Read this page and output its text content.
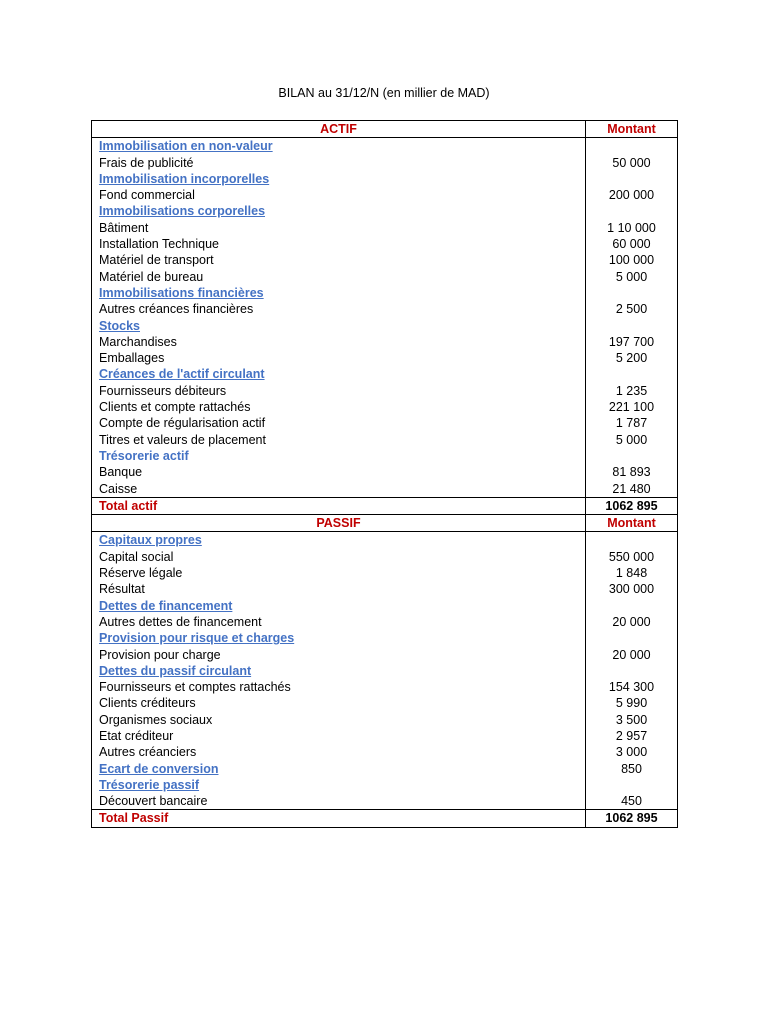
BILAN au 31/12/N (en millier de MAD)
ACTIF	Montant
Immobilisation en non-valeur	
Frais de publicité	50 000
Immobilisation incorporelles	
Fond commercial	200 000
Immobilisations corporelles	
Bâtiment	1 10 000
Installation Technique	60 000
Matériel de transport	100 000
Matériel de bureau	5 000
Immobilisations financières	
Autres créances financières	2 500
Stocks	
Marchandises	197 700
Emballages	5 200
Créances de l'actif circulant	
Fournisseurs débiteurs	1 235
Clients et compte rattachés	221 100
Compte de régularisation actif	1 787
Titres et valeurs de placement	5 000
Trésorerie actif	
Banque	81 893
Caisse	21 480
Total actif	1062 895
PASSIF	Montant
Capitaux propres	
Capital social	550 000
Réserve légale	1 848
Résultat	300 000
Dettes de financement	
Autres dettes de financement	20 000
Provision pour risque et charges	
Provision pour charge	20 000
Dettes du passif circulant	
Fournisseurs et comptes rattachés	154 300
Clients créditeurs	5 990
Organismes sociaux	3 500
Etat créditeur	2 957
Autres créanciers	3 000
Ecart de conversion	850
Trésorerie passif	
Découvert bancaire	450
Total Passif	1062 895
